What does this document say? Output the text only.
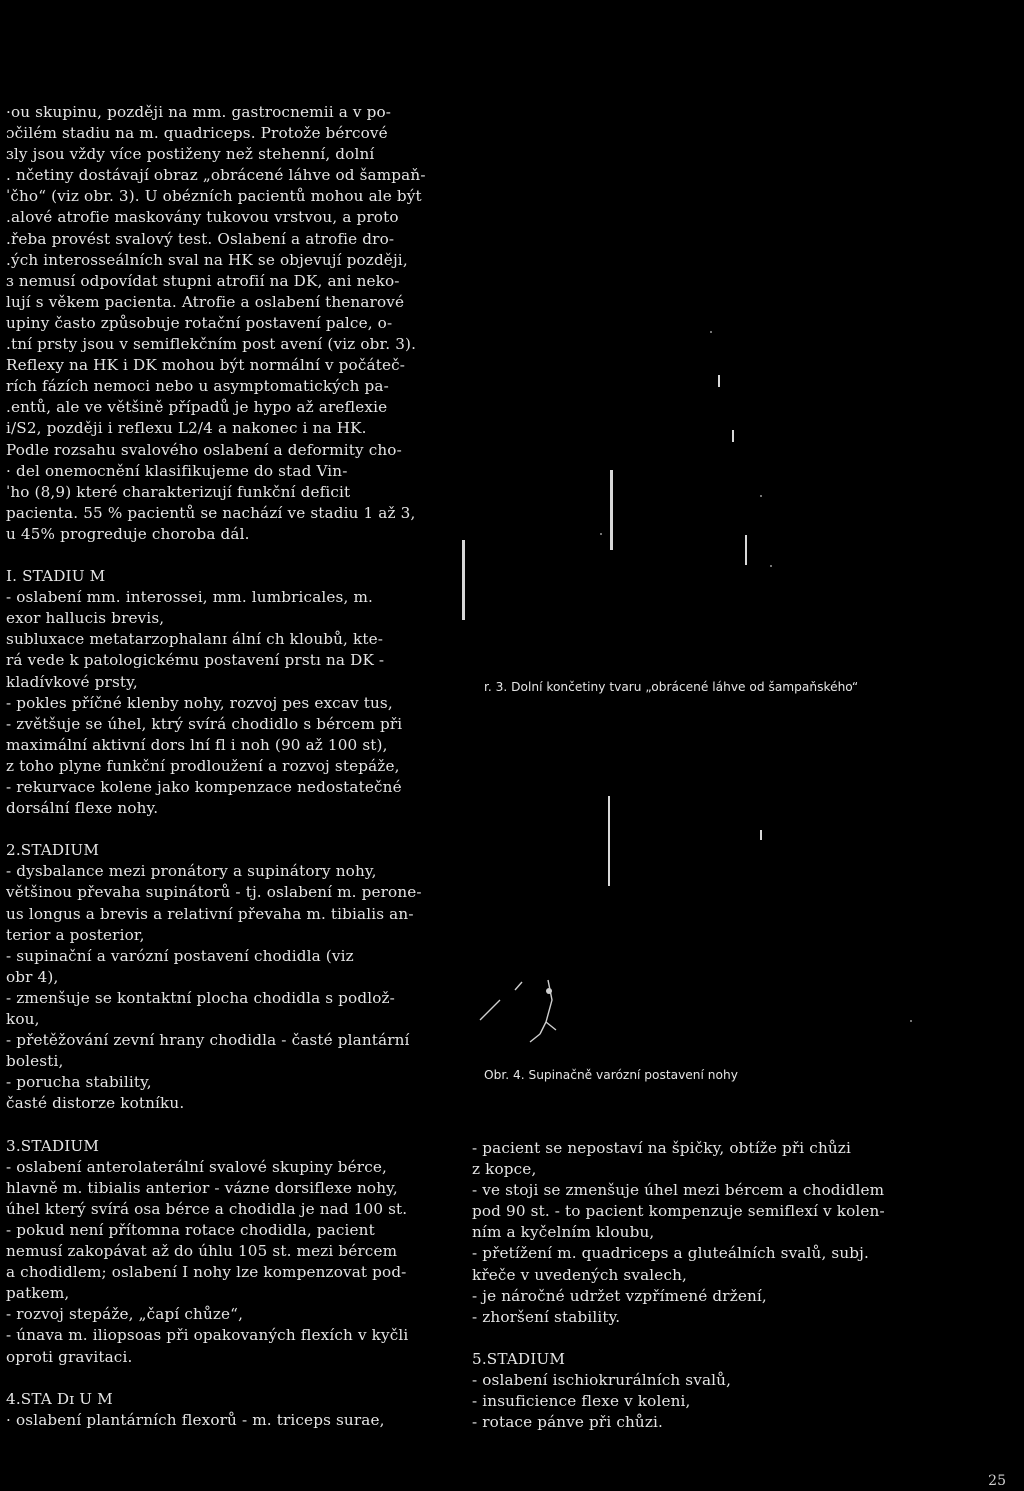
·ou skupinu, později na mm. gastrocnemii a v po-

ɔčilém stadiu na m. quadriceps. Protože bércové

ɜly jsou vždy více postiženy než stehenní, dolní

. nčetiny dostávají obraz „obrácené láhve od šampaň-

ˈčho“ (viz obr. 3). U obézních pacientů mohou ale být

.alové atrofie maskovány tukovou vrstvou, a proto

.řeba provést svalový test. Oslabení a atrofie dro-

.ých interosseálních sval na HK se objevují později,

ɜ nemusí odpovídat stupni atrofií na DK, ani neko-

lují s věkem pacienta. Atrofie a oslabení thenarové

upiny často způsobuje rotační postavení palce, o-

.tní prsty jsou v semiflekčním post avení (viz obr. 3).

Reflexy na HK i DK mohou být normální v počáteč-

rích fázích nemoci nebo u asymptomatických pa-

.entů, ale ve většině případů je hypo až areflexie

i/S2, později i reflexu L2/4 a nakonec i na HK.

Podle rozsahu svalového oslabení a deformity cho-

· del onemocnění klasifikujeme do stad Vin-

ˈho (8,9) které charakterizují funkční deficit

pacienta. 55 % pacientů se nachází ve stadiu 1 až 3,

u 45% progreduje choroba dál.

I. STADIU M

- oslabení mm. interossei, mm. lumbricales, m.

exor hallucis brevis,

subluxace metatarzophalanɪ ální ch kloubů, kte-

rá vede k patologickému postavení prstı na DK -

kladívkové prsty,

- pokles příčné klenby nohy, rozvoj pes excav tus,

- zvětšuje se úhel, ktrý svírá chodidlo s bércem při

maximální aktivní dors lní fl i noh (90 až 100 st),

z toho plyne funkční prodloužení a rozvoj stepáže,

- rekurvace kolene jako kompenzace nedostatečné

dorsální flexe nohy.

2.STADIUM

- dysbalance mezi pronátory a supinátory nohy,

většinou převaha supinátorů - tj. oslabení m. perone-

us longus a brevis a relativní převaha m. tibialis an-

terior a posterior,

- supinační a varózní postavení chodidla (viz

obr 4),

- zmenšuje se kontaktní plocha chodidla s podlož-

kou,

- přetěžování zevní hrany chodidla - časté plantární

bolesti,

- porucha stability,

časté distorze kotníku.

3.STADIUM

- oslabení anterolaterální svalové skupiny bérce,

hlavně m. tibialis anterior - vázne dorsiflexe nohy,

úhel který svírá osa bérce a chodidla je nad 100 st.

- pokud není přítomna rotace chodidla, pacient

nemusí zakopávat až do úhlu 105 st. mezi bércem

a chodidlem; oslabení I nohy lze kompenzovat pod-

patkem,

- rozvoj stepáže, „čapí chůze“,

- únava m. iliopsoas při opakovaných flexích v kyčli

oproti gravitaci.

4.STA Dɪ U M

· oslabení plantárních flexorů - m. triceps surae,

- pacient se nepostaví na špičky, obtíže při chůzi

z kopce,

- ve stoji se zmenšuje úhel mezi bércem a chodidlem

pod 90 st. - to pacient kompenzuje semiflexí v kolen-

ním a kyčelním kloubu,

- přetížení m. quadriceps a gluteálních svalů, subj.

křeče v uvedených svalech,

- je náročné udržet vzpřímené držení,

- zhoršení stability.

5.STADIUM

- oslabení ischiokrurálních svalů,

- insuficience flexe v koleni,

- rotace pánve při chůzi.

r. 3. Dolní končetiny tvaru „obrácené láhve od šampaňského“
Obr. 4. Supinačně varózní postavení nohy
25
